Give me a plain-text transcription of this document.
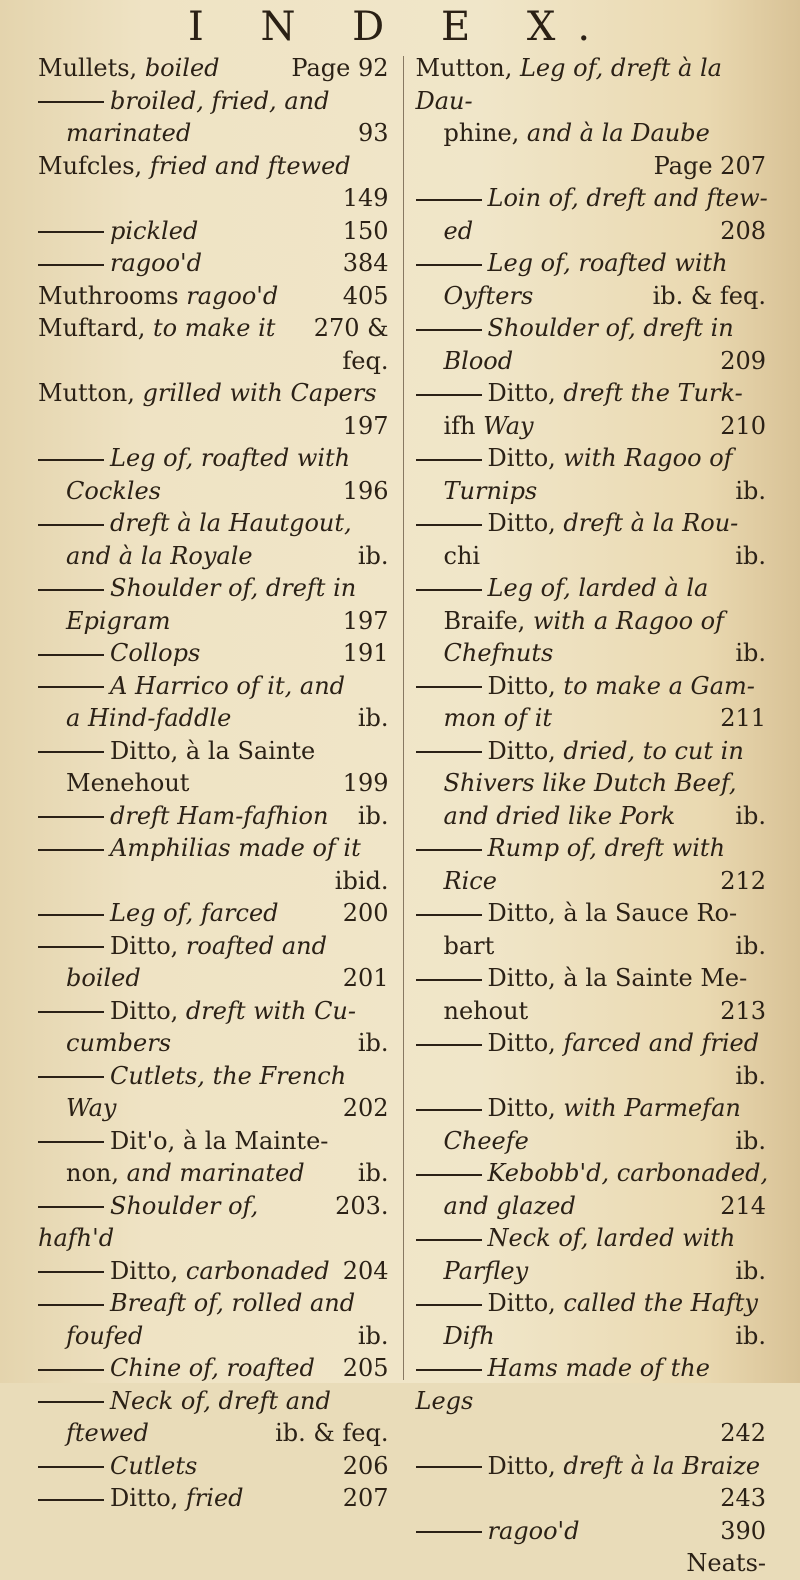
I N D E X.
Page 92
Mullets, boiled
broiled, fried, and
93
marinated
Mufcles, fried and ftewed
149
150
pickled
384
ragoo'd
405
Muthrooms ragoo'd
270 &
Muftard, to make it
feq.
Mutton, grilled with Capers
197
Leg of, roafted with
196
Cockles
dreft à la Hautgout,
ib.
and à la Royale
Shoulder of, dreft in
197
Epigram
191
Collops
A Harrico of it, and
ib.
a Hind-faddle
Ditto, à la Sainte
199
Menehout
ib.
dreft Ham-fafhion
Amphilias made of it
ibid.
200
Leg of, farced
Ditto, roafted and
201
boiled
Ditto, dreft with Cu-
ib.
cumbers
Cutlets, the French
202
Way
Dit'o, à la Mainte-
ib.
non, and marinated
203.
Shoulder of, hafh'd
204
Ditto, carbonaded
Breaft of, rolled and
ib.
foufed
205
Chine of, roafted
Neck of, dreft and
ib. & feq.
ftewed
206
Cutlets
207
Ditto, fried
Mutton, Leg of, dreft à la Dau-
phine, and à la Daube
Page 207
Loin of, dreft and ftew-
208
ed
Leg of, roafted with
ib. & feq.
Oyfters
Shoulder of, dreft in
209
Blood
Ditto, dreft the Turk-
210
ifh Way
Ditto, with Ragoo of
ib.
Turnips
Ditto, dreft à la Rou-
ib.
chi
Leg of, larded à la
Braife, with a Ragoo of
ib.
Chefnuts
Ditto, to make a Gam-
211
mon of it
Ditto, dried, to cut in
Shivers like Dutch Beef,
ib.
and dried like Pork
Rump of, dreft with
212
Rice
Ditto, à la Sauce Ro-
ib.
bart
Ditto, à la Sainte Me-
213
nehout
Ditto, farced and fried
ib.
Ditto, with Parmefan
ib.
Cheefe
Kebobb'd, carbonaded,
214
and glazed
Neck of, larded with
ib.
Parfley
Ditto, called the Hafty
ib.
Difh
Hams made of the Legs
242
Ditto, dreft à la Braize
243
390
ragoo'd
Neats-
